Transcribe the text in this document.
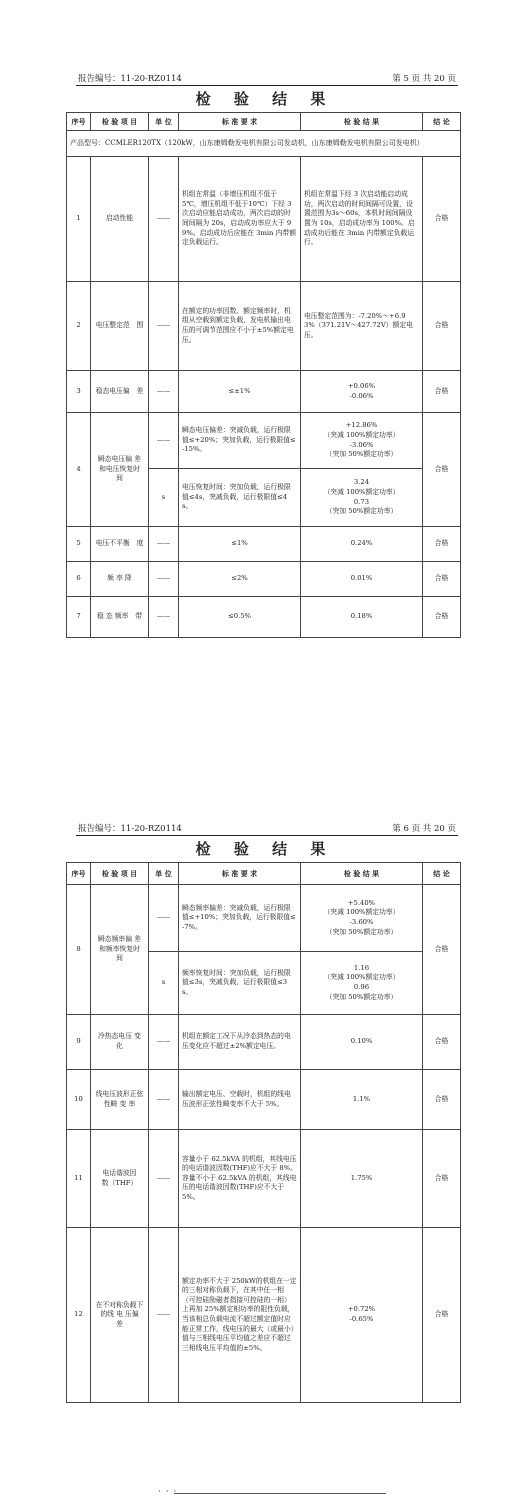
报告编号：11-20-RZ0114	第 5 页 共 20 页
检 验 结 果
序号	检 验 项 目	单 位	标 准 要 求	检 验 结 果	结 论
产品型号：CCMLER120TX（120kW，山东康姆勒发电机有限公司发动机，山东康姆勒发电机有限公司发电机）					
1	启动性能	——	机组在常温（非增压机组不低于 5℃，增压机组不低于10℃）下经 3 次启动应能启动成功，两次启动的时间间隔为 20s，启动成功率应大于 99%。启动成功后应能在 3min 内带额定负载运行。	机组在常温下经 3 次启动能启动成功，两次启动的时间间隔可设置，设置范围为3s～60s，本机时间间隔设置为 10s，启动成功率为 100%。启动成功后能在 3min 内带额定负载运行。	合格
2	电压整定范　围	——	在额定的功率因数、额定频率时，机组从空载到额定负载，发电机输出电压的可调节范围应不小于±5%额定电压。	电压整定范围为：-7.20%～+6.93%（371.21V～427.72V）额定电压。	合格
3	稳态电压偏　差	——	≤±1%	+0.06%
-0.06%	合格
4	瞬态电压偏 差 和电压恢复时　　间	——	瞬态电压偏差：突减负载，运行极限值≤+20%；突加负载，运行极限值≤-15%。	+12.86%
（突减 100%额定功率）
-3.06%
（突加 50%额定功率）	合格
		s	电压恢复时间：突加负载，运行极限值≤4s，突减负载，运行极限值≤4s。	3.24
（突减 100%额定功率）
0.73
（突加 50%额定功率）	
5	电压不平衡　度	——	≤1%	0.24%	合格
6	频 率 降	——	≤2%	0.01%	合格
7	稳 态 频率　带	——	≤0.5%	0.18%	合格
报告编号：11-20-RZ0114	第 6 页 共 20 页
检 验 结 果
序号	检 验 项 目	单 位	标 准 要 求	检 验 结 果	结 论
8	瞬态频率偏 差 和频率恢复时　　间	——	瞬态频率偏差：突减负载，运行极限值≤+10%；突加负载，运行极限值≤-7%。	+5.40%
（突减 100%额定功率）
-3.60%
（突加 50%额定功率）	合格
		s	频率恢复时间：突加负载，运行极限值≤3s，突减负载，运行极限值≤3s。	1.16
（突减 100%额定功率）
0.96
（突加 50%额定功率）	
9	冷热态电压 变 化	——	机组在额定工况下从冷态到热态的电压变化应不超过±2%额定电压。	0.10%	合格
10	线电压波形正弦性畸 变 率	——	输出额定电压、空载时，机组的线电压波形正弦性畸变率不大于 5%。	1.1%	合格
11	电话谐波因　　数（THF）	——	容量小于 62.5kVA 的机组，其线电压的电话谐波因数(THF)应不大于 8%。
容量不小于 62.5kVA 的机组，其线电压的电话谐波因数(THF)应不大于 5%。	1.75%	合格
12	在不对称负载下的线 电 压偏　　差	——	额定功率不大于 250kW的机组在一定的三相对称负载下，在其中任一相（可控硅励磁者指接可控硅的一相）上再加 25%额定相功率的阻性负载，当该相总负载电流不超过额定值时应能正常工作，线电压的最大（或最小）值与三相线电压平均值之差应不超过三相线电压平均值的±5%。	+0.72%
-0.65%	合格
· · ·
